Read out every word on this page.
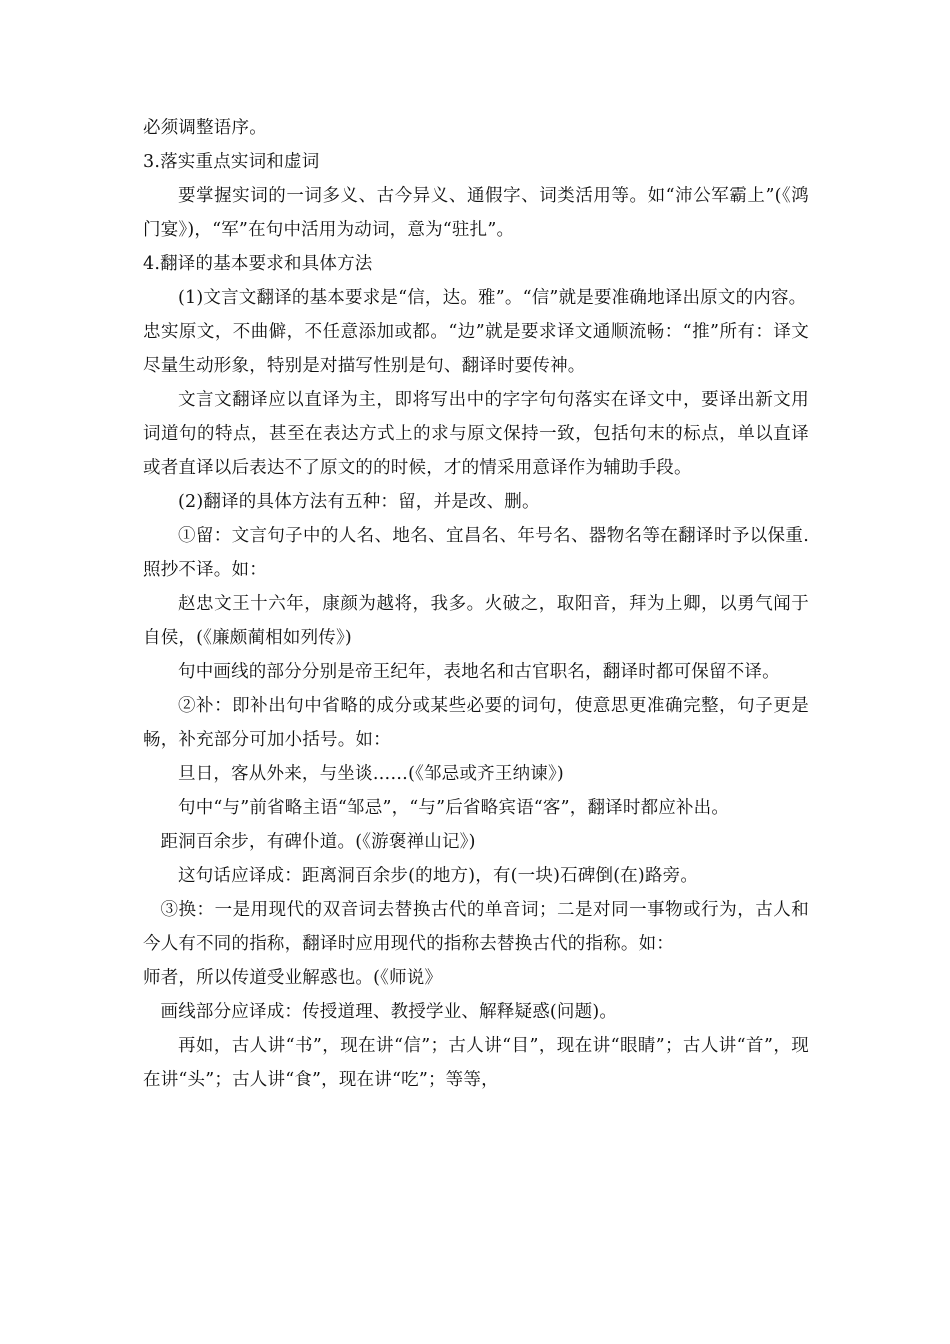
必须调整语序。

3.落实重点实词和虚词

要掌握实词的一词多义、古今异义、通假字、词类活用等。如“沛公军霸上”(《鸿门宴》)，“军”在句中活用为动词，意为“驻扎”。

4.翻译的基本要求和具体方法

(1)文言文翻译的基本要求是“信，达。雅”。“信”就是要准确地译出原文的内容。

忠实原文，不曲僻，不任意添加或都。“边”就是要求译文通顺流畅：“推”所有：译文尽量生动形象，特别是对描写性别是句、翻译时要传神。

文言文翻译应以直译为主，即将写出中的字字句句落实在译文中，要译出新文用词道句的特点，甚至在表达方式上的求与原文保持一致，包括句末的标点，单以直译或者直译以后表达不了原文的的时候，才的情采用意译作为辅助手段。

(2)翻译的具体方法有五种：留，并是改、删。

①留：文言句子中的人名、地名、宜昌名、年号名、器物名等在翻译时予以保重.照抄不译。如：

赵忠文王十六年，康颜为越将，我多。火破之，取阳音，拜为上卿，以勇气闻于自侯，(《廉颇蔺相如列传》)

句中画线的部分分别是帝王纪年，表地名和古官职名，翻译时都可保留不译。

②补：即补出句中省略的成分或某些必要的词句，使意思更准确完整，句子更是畅，补充部分可加小括号。如：

旦日，客从外来，与坐谈……(《邹忌或齐王纳谏》)

句中“与”前省略主语“邹忌”，“与”后省略宾语“客”，翻译时都应补出。

距洞百余步，有碑仆道。(《游褒禅山记》)

这句话应译成：距离洞百余步(的地方)，有(一块)石碑倒(在)路旁。

③换：一是用现代的双音词去替换古代的单音词；二是对同一事物或行为，古人和今人有不同的指称，翻译时应用现代的指称去替换古代的指称。如：

师者，所以传道受业解惑也。(《师说》

画线部分应译成：传授道理、教授学业、解释疑惑(问题)。

再如，古人讲“书”，现在讲“信”；古人讲“目”，现在讲“眼睛”；古人讲“首”，现在讲“头”；古人讲“食”，现在讲“吃”；等等，
